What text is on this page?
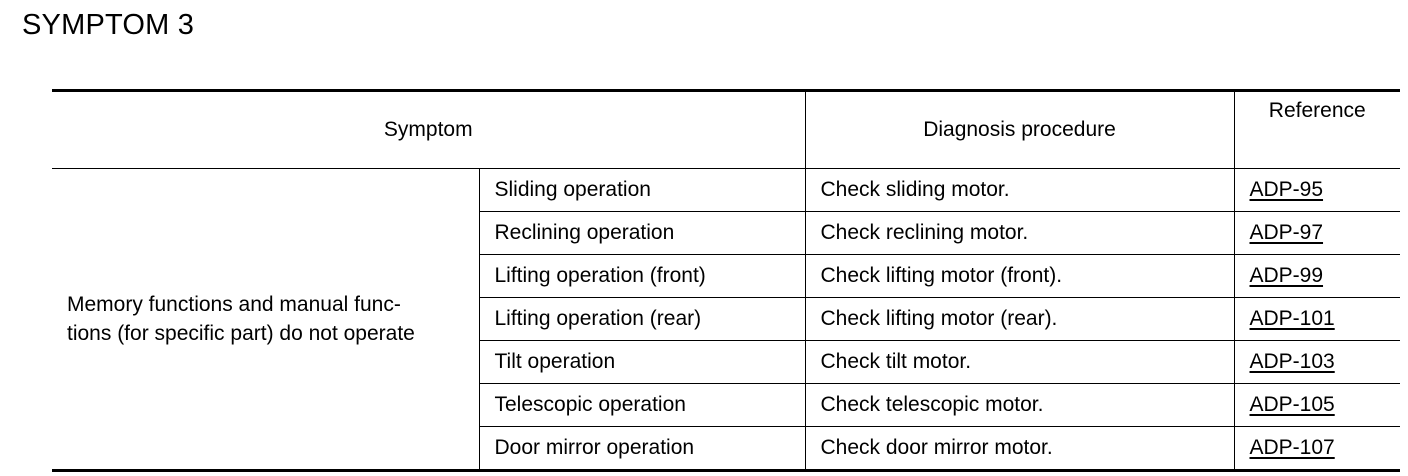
SYMPTOM 3
Symptom		Diagnosis procedure	Reference
Memory functions and manual func-
tions (for specific part) do not operate	Sliding operation	Check sliding motor.	ADP-95
	Reclining operation	Check reclining motor.	ADP-97
	Lifting operation (front)	Check lifting motor (front).	ADP-99
	Lifting operation (rear)	Check lifting motor (rear).	ADP-101
	Tilt operation	Check tilt motor.	ADP-103
	Telescopic operation	Check telescopic motor.	ADP-105
	Door mirror operation	Check door mirror motor.	ADP-107
